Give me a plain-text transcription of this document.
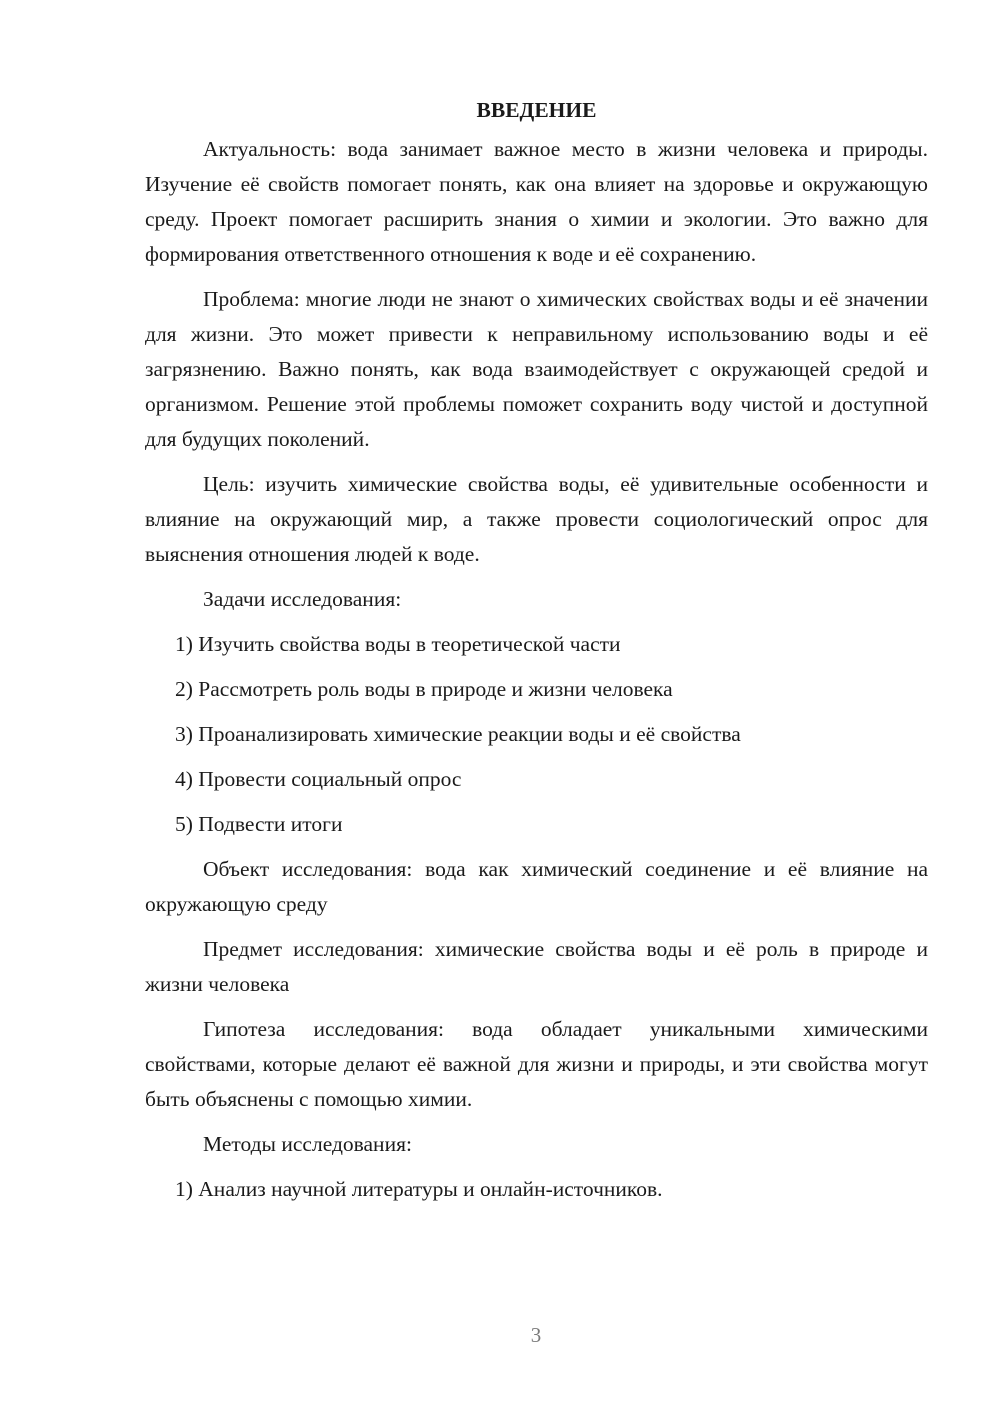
ВВЕДЕНИЕ

Актуальность: вода занимает важное место в жизни человека и природы. Изучение её свойств помогает понять, как она влияет на здоровье и окружающую среду. Проект помогает расширить знания о химии и экологии. Это важно для формирования ответственного отношения к воде и её сохранению.

Проблема: многие люди не знают о химических свойствах воды и её значении для жизни. Это может привести к неправильному использованию воды и её загрязнению. Важно понять, как вода взаимодействует с окружающей средой и организмом. Решение этой проблемы поможет сохранить воду чистой и доступной для будущих поколений.

Цель: изучить химические свойства воды, её удивительные особенности и влияние на окружающий мир, а также провести социологический опрос для выяснения отношения людей к воде.

Задачи исследования:

1) Изучить свойства воды в теоретической части

2) Рассмотреть роль воды в природе и жизни человека

3) Проанализировать химические реакции воды и её свойства

4) Провести социальный опрос

5) Подвести итоги

Объект исследования: вода как химический соединение и её влияние на окружающую среду

Предмет исследования: химические свойства воды и её роль в природе и жизни человека

Гипотеза исследования: вода обладает уникальными химическими свойствами, которые делают её важной для жизни и природы, и эти свойства могут быть объяснены с помощью химии.

Методы исследования:

1) Анализ научной литературы и онлайн-источников.

3
